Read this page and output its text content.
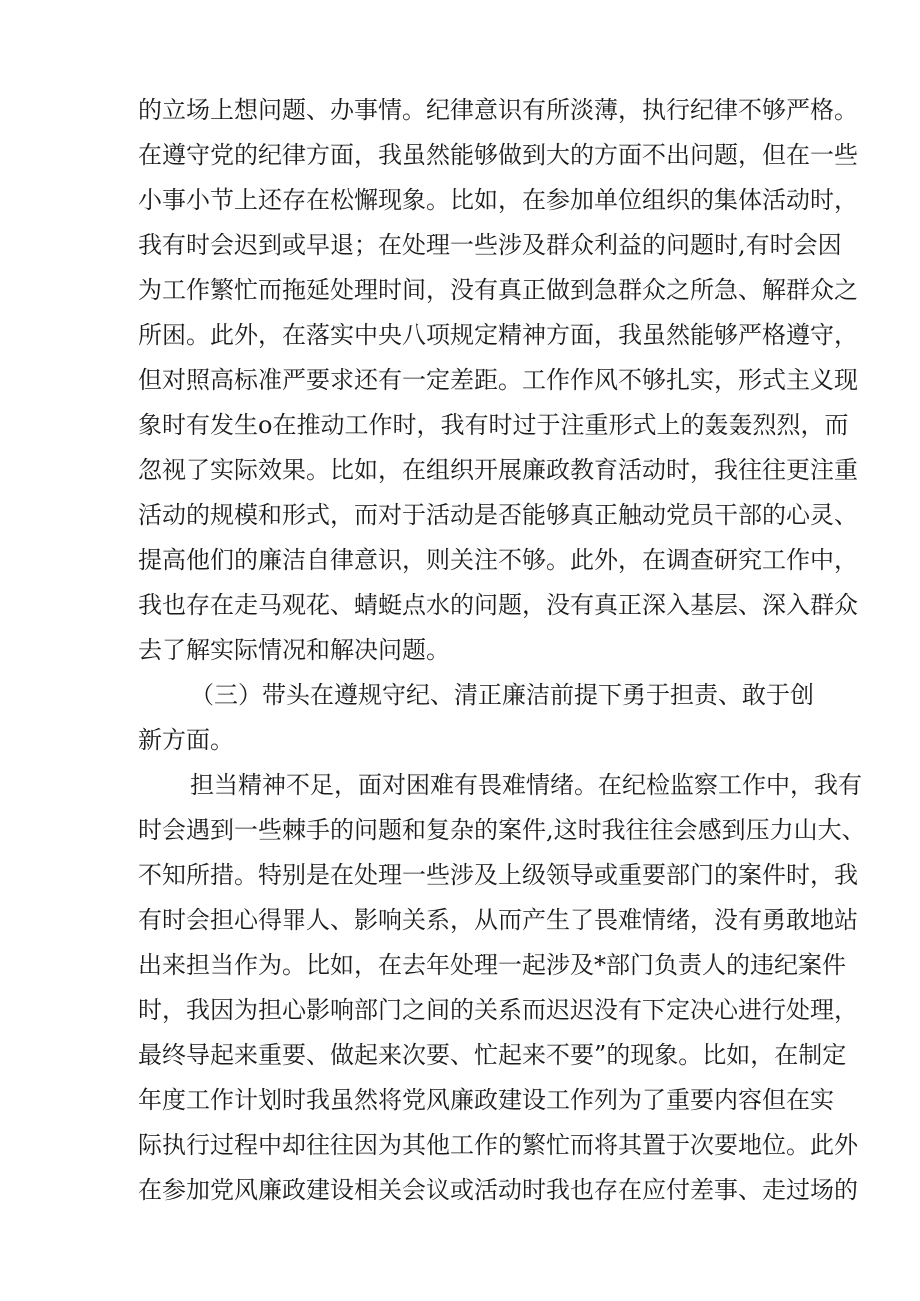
的立场上想问题、办事情。纪律意识有所淡薄，执行纪律不够严格。
在遵守党的纪律方面，我虽然能够做到大的方面不出问题，但在一些
小事小节上还存在松懈现象。比如，在参加单位组织的集体活动时，
我有时会迟到或早退；在处理一些涉及群众利益的问题时,有时会因
为工作繁忙而拖延处理时间，没有真正做到急群众之所急、解群众之
所困。此外，在落实中央八项规定精神方面，我虽然能够严格遵守，
但对照高标准严要求还有一定差距。工作作风不够扎实，形式主义现
象时有发生o在推动工作时，我有时过于注重形式上的轰轰烈烈，而
忽视了实际效果。比如，在组织开展廉政教育活动时，我往往更注重
活动的规模和形式，而对于活动是否能够真正触动党员干部的心灵、
提高他们的廉洁自律意识，则关注不够。此外，在调查研究工作中，
我也存在走马观花、蜻蜓点水的问题，没有真正深入基层、深入群众
去了解实际情况和解决问题。
（三）带头在遵规守纪、清正廉洁前提下勇于担责、敢于创
新方面。
担当精神不足，面对困难有畏难情绪。在纪检监察工作中，我有
时会遇到一些棘手的问题和复杂的案件,这时我往往会感到压力山大、
不知所措。特别是在处理一些涉及上级领导或重要部门的案件时，我
有时会担心得罪人、影响关系，从而产生了畏难情绪，没有勇敢地站
出来担当作为。比如，在去年处理一起涉及*部门负责人的违纪案件
时，我因为担心影响部门之间的关系而迟迟没有下定决心进行处理，
最终导起来重要、做起来次要、忙起来不要”的现象。比如，在制定
年度工作计划时我虽然将党风廉政建设工作列为了重要内容但在实
际执行过程中却往往因为其他工作的繁忙而将其置于次要地位。此外
在参加党风廉政建设相关会议或活动时我也存在应付差事、走过场的
